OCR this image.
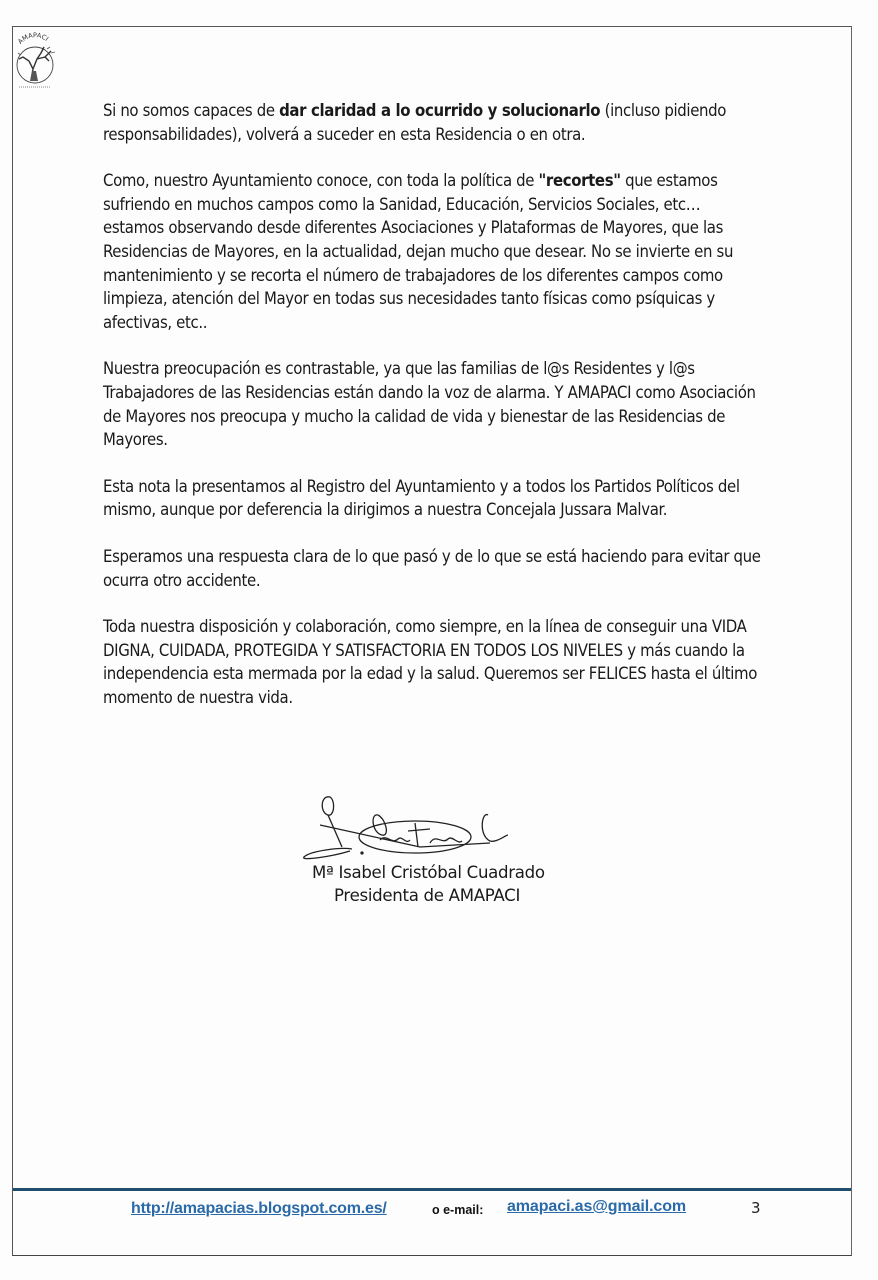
AMAPACI

Si no somos capaces de dar claridad a lo ocurrido y solucionarlo (incluso pidiendo responsabilidades), volverá a suceder en esta Residencia o en otra.

Como, nuestro Ayuntamiento conoce, con toda la política de "recortes" que estamos sufriendo en muchos campos como la Sanidad, Educación, Servicios Sociales, etc… estamos observando desde diferentes Asociaciones y Plataformas de Mayores, que las Residencias de Mayores, en la actualidad, dejan mucho que desear. No se invierte en su mantenimiento y se recorta el número de trabajadores de los diferentes campos como limpieza, atención del Mayor en todas sus necesidades tanto físicas como psíquicas y afectivas, etc..

Nuestra preocupación es contrastable, ya que las familias de l@s Residentes y l@s Trabajadores de las Residencias están dando la voz de alarma. Y AMAPACI como Asociación de Mayores nos preocupa y mucho la calidad de vida y bienestar de las Residencias de Mayores.

Esta nota la presentamos al Registro del Ayuntamiento y a todos los Partidos Políticos del mismo, aunque por deferencia la dirigimos a nuestra Concejala Jussara Malvar.

Esperamos una respuesta clara de lo que pasó y de lo que se está haciendo para evitar que ocurra otro accidente.

Toda nuestra disposición y colaboración, como siempre, en la línea de conseguir una VIDA DIGNA, CUIDADA, PROTEGIDA Y SATISFACTORIA EN TODOS LOS NIVELES y más cuando la independencia esta mermada por la edad y la salud. Queremos ser FELICES hasta el último momento de nuestra vida.

Mª Isabel Cristóbal Cuadrado
Presidenta de AMAPACI
http://amapacias.blogspot.com.es/	o e-mail: amapaci.as@gmail.com	3
